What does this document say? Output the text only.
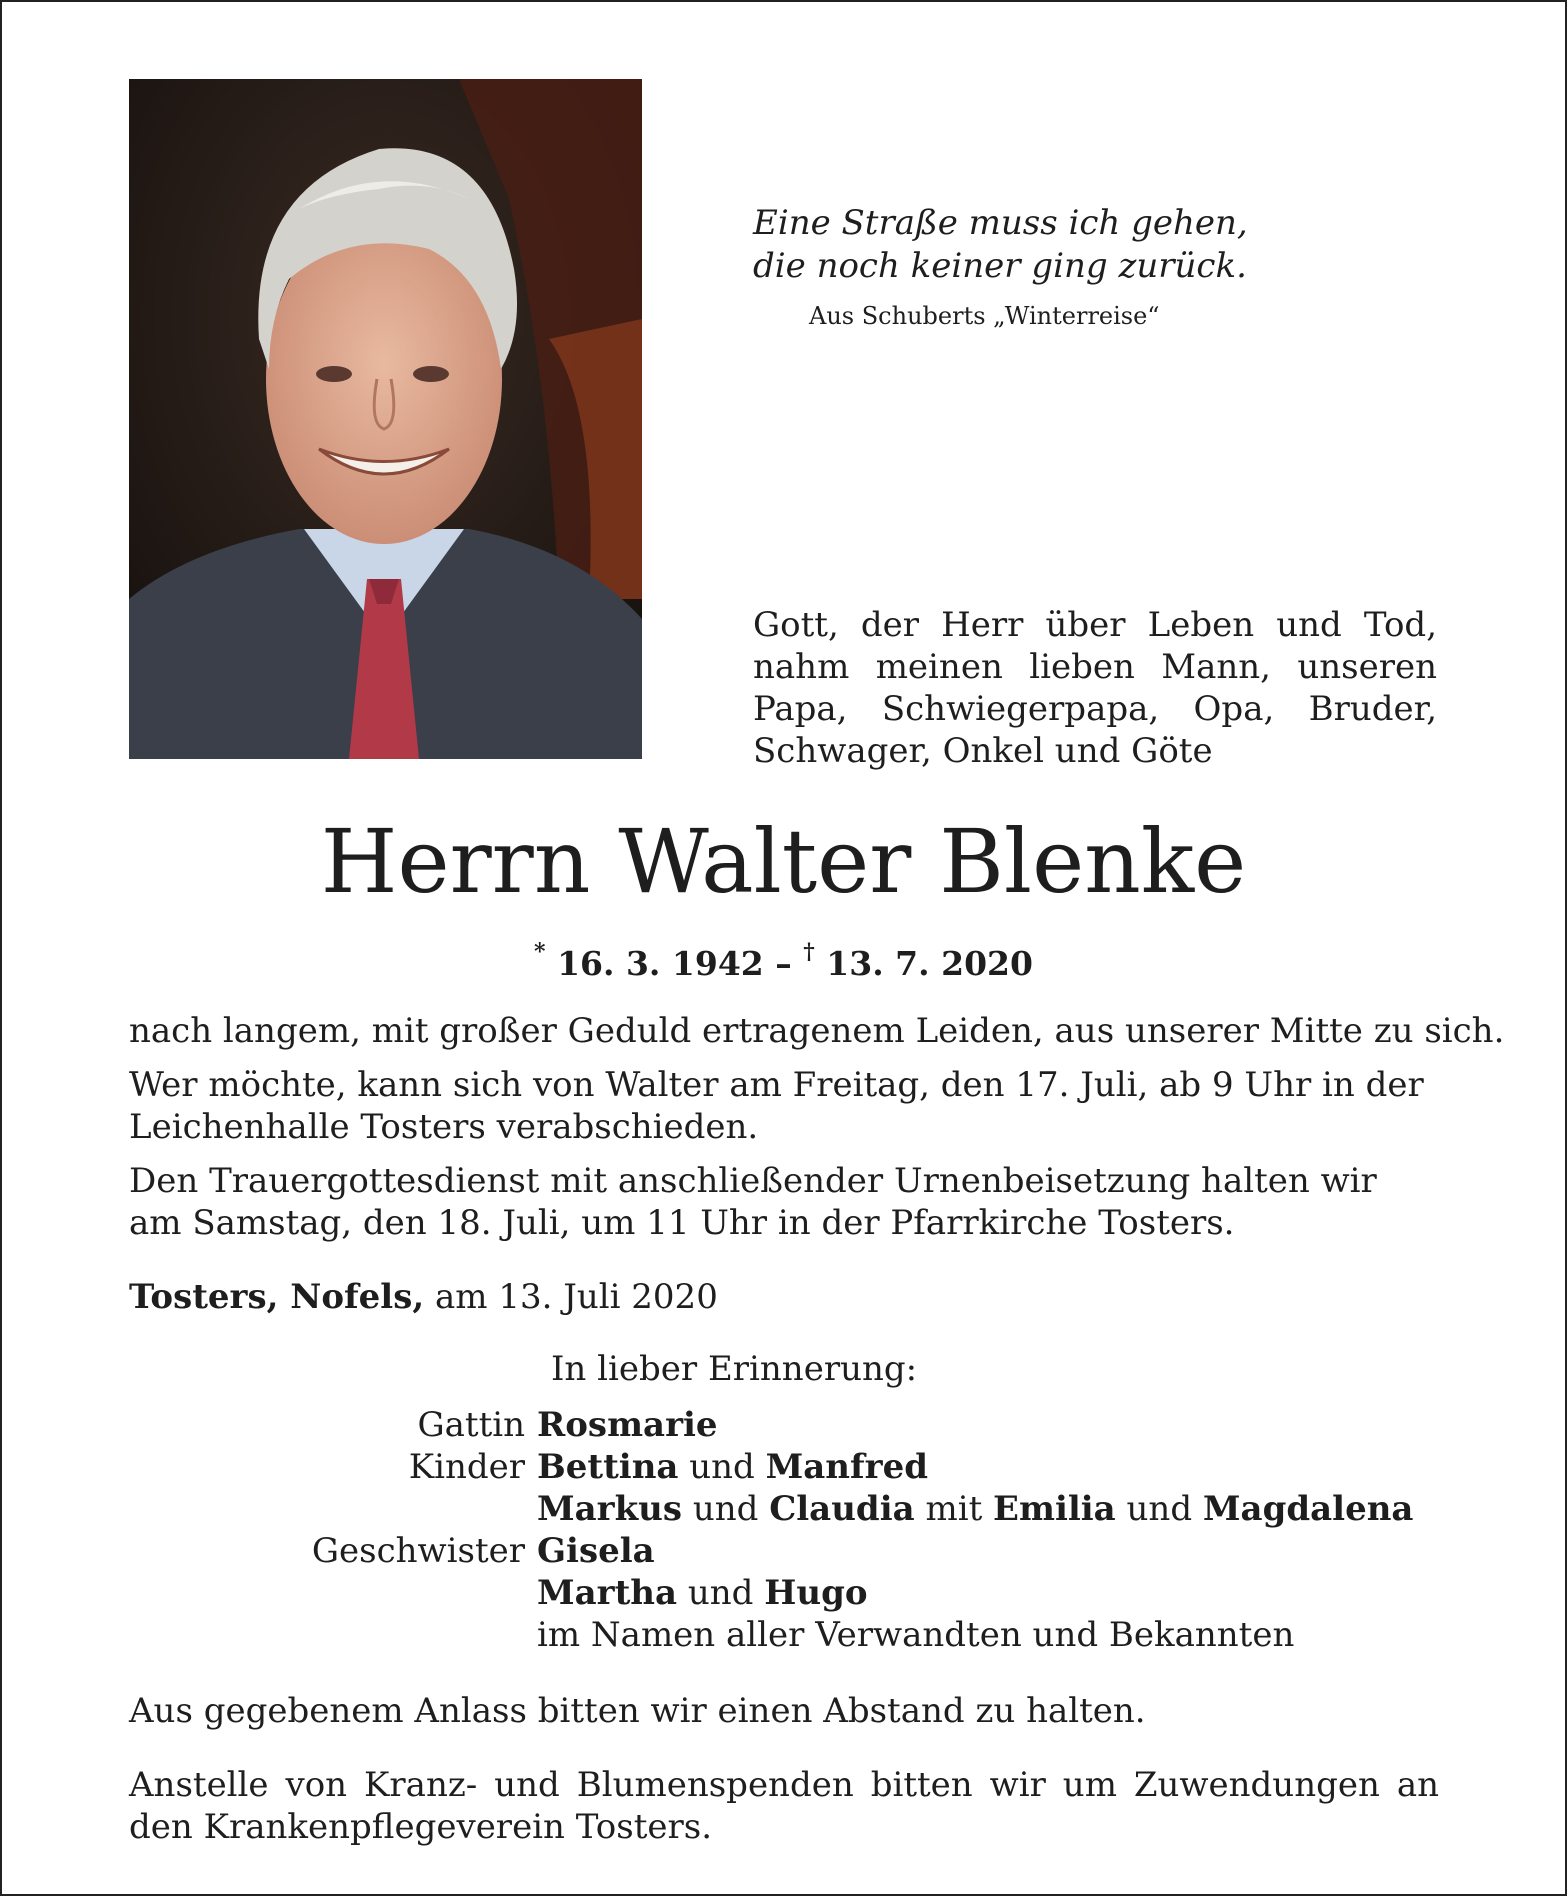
Eine Straße muss ich gehen,

die noch keiner ging zurück.

Aus Schuberts „Winterreise“

Gott, der Herr über Leben und Tod, nahm meinen lieben Mann, unseren Papa, Schwiegerpapa, Opa, Bruder, Schwager, Onkel und Göte

Herrn Walter Blenke
* 16. 3. 1942 – † 13. 7. 2020

nach langem, mit großer Geduld ertragenem Leiden, aus unserer Mitte zu sich.

Wer möchte, kann sich von Walter am Freitag, den 17. Juli, ab 9 Uhr in der Leichenhalle Tosters verabschieden.

Den Trauergottesdienst mit anschließender Urnenbeisetzung halten wir am Samstag, den 18. Juli, um 11 Uhr in der Pfarrkirche Tosters.

Tosters, Nofels, am 13. Juli 2020

In lieber Erinnerung:

Gattin Rosmarie
Kinder Bettina und Manfred
Markus und Claudia mit Emilia und Magdalena
Geschwister Gisela
Martha und Hugo
im Namen aller Verwandten und Bekannten

Aus gegebenem Anlass bitten wir einen Abstand zu halten.

Anstelle von Kranz- und Blumenspenden bitten wir um Zuwendungen an den Krankenpflegeverein Tosters.
